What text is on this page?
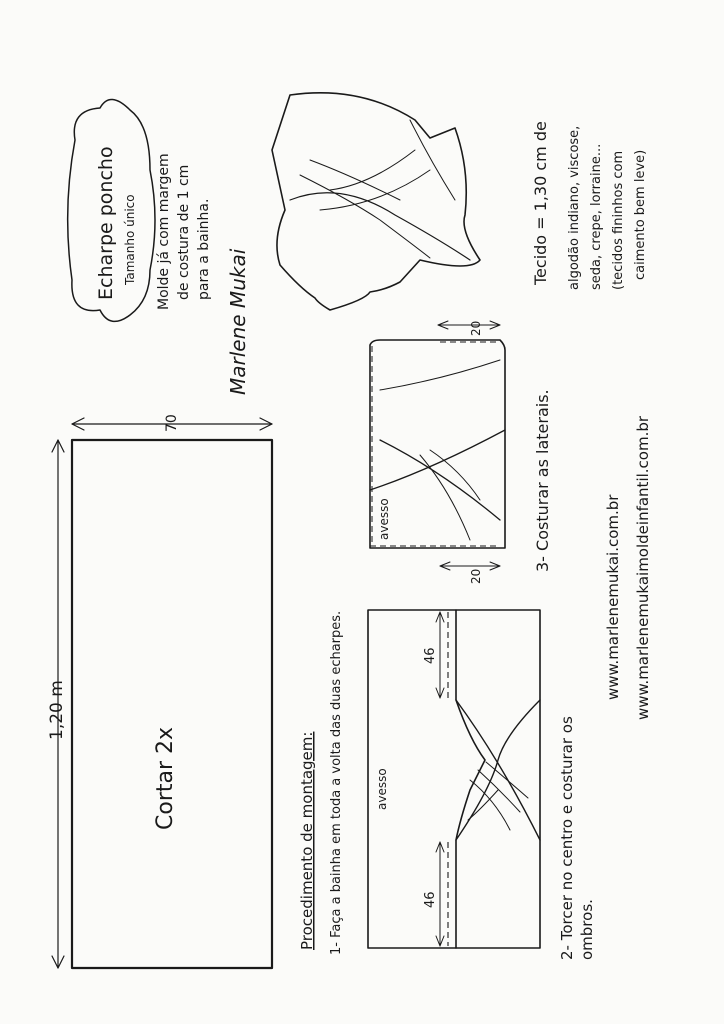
1,20 m
70
Cortar 2x	Procedimento de montagem: 1- Faça a bainha em toda a volta das duas echarpes.	2- Torcer no centro e costurar os ombros.
3- Costurar as laterais.
46
46
avesso
20
20
avesso
Echarpe poncho Tamanho único Molde já com margem de costura de 1 cm para a bainha.	Tecido = 1,30 cm de algodão indiano, viscose, seda, crepe, lorraine... (tecidos fininhos com caimento bem leve)
Marlene Mukai
www.marlenemukai.com.br www.marlenemukaimoldeinfantil.com.br
